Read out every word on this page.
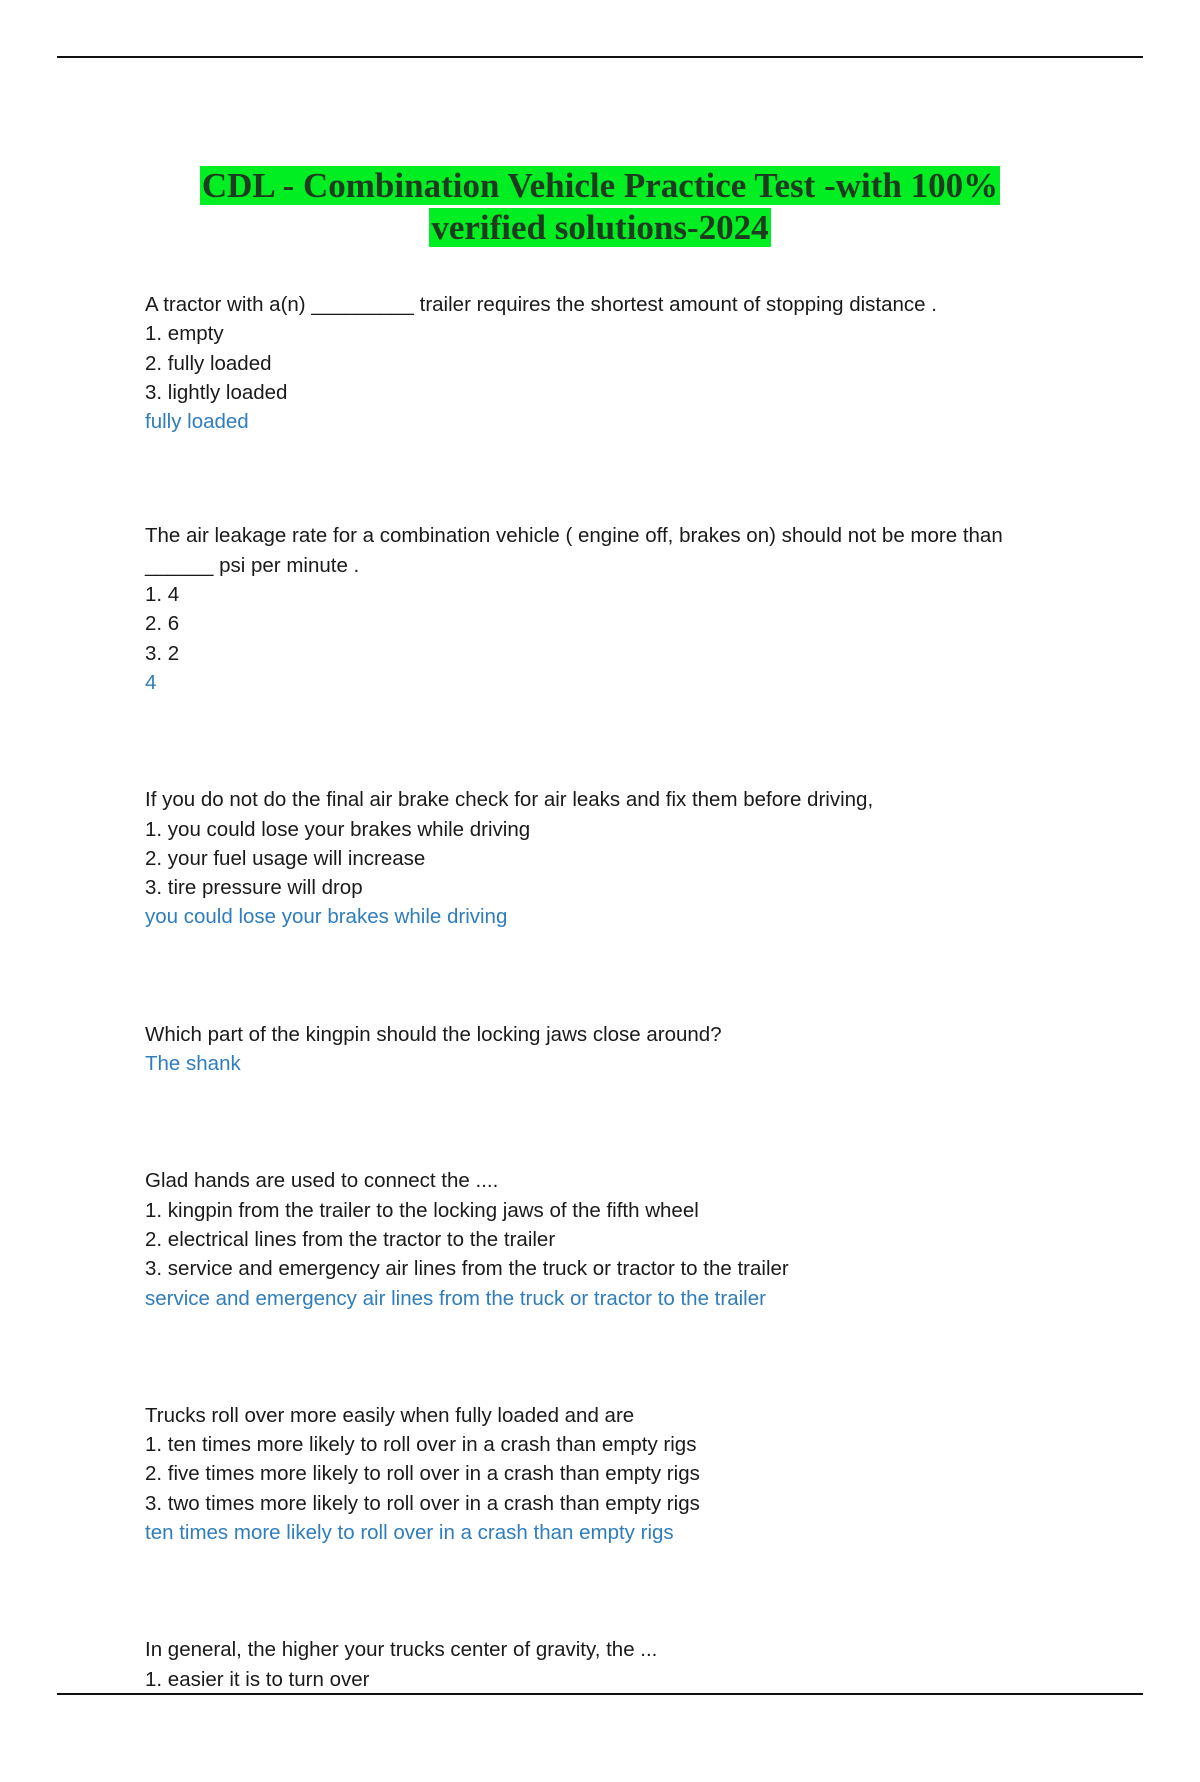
CDL - Combination Vehicle Practice Test -with 100%
verified solutions-2024
A tractor with a(n) _________ trailer requires the shortest amount of stopping distance .
1. empty
2. fully loaded
3. lightly loaded
fully loaded
The air leakage rate for a combination vehicle ( engine off, brakes on) should not be more than ______ psi per minute .
1. 4
2. 6
3. 2
4
If you do not do the final air brake check for air leaks and fix them before driving,
1. you could lose your brakes while driving
2. your fuel usage will increase
3. tire pressure will drop
you could lose your brakes while driving
Which part of the kingpin should the locking jaws close around?
The shank
Glad hands are used to connect the ....
1. kingpin from the trailer to the locking jaws of the fifth wheel
2. electrical lines from the tractor to the trailer
3. service and emergency air lines from the truck or tractor to the trailer
service and emergency air lines from the truck or tractor to the trailer
Trucks roll over more easily when fully loaded and are
1. ten times more likely to roll over in a crash than empty rigs
2. five times more likely to roll over in a crash than empty rigs
3. two times more likely to roll over in a crash than empty rigs
ten times more likely to roll over in a crash than empty rigs
In general, the higher your trucks center of gravity, the ...
1. easier it is to turn over
